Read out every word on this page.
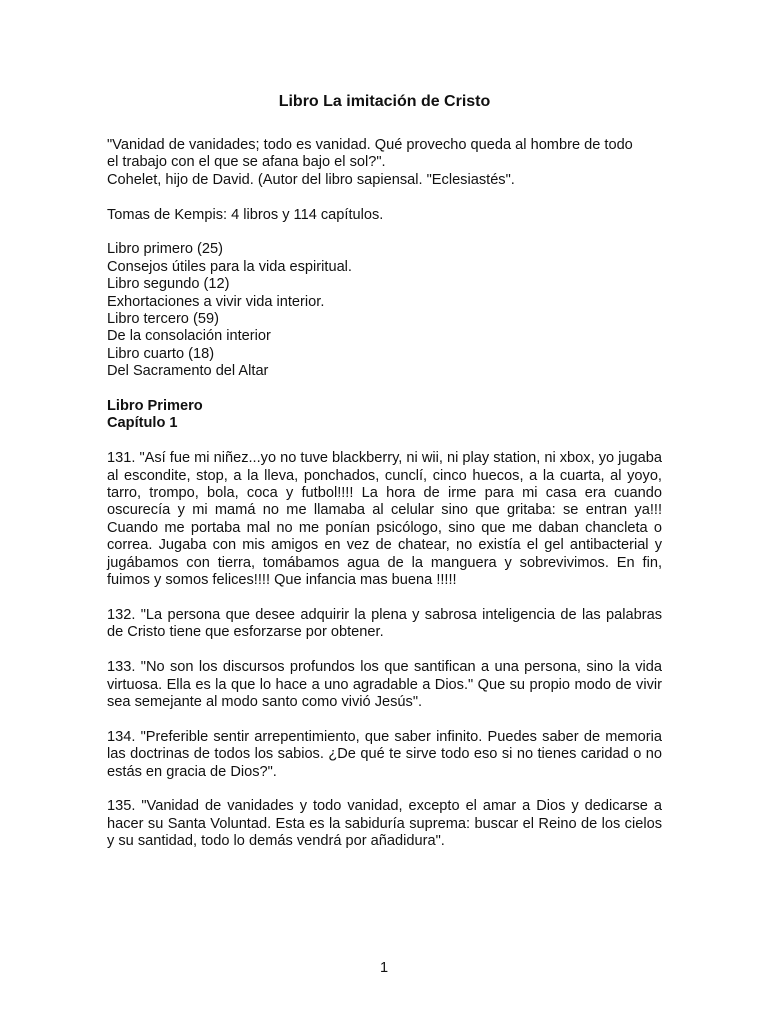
Libro La imitación de Cristo
"Vanidad de vanidades; todo es vanidad. Qué provecho queda al hombre de todo
el trabajo con el que se afana bajo el sol?".
Cohelet, hijo de David. (Autor del libro sapiensal. "Eclesiastés".
Tomas de Kempis: 4 libros y 114 capítulos.
Libro primero (25)
Consejos útiles para la vida espiritual.
Libro segundo (12)
Exhortaciones a vivir vida interior.
Libro tercero (59)
De la consolación interior
Libro cuarto (18)
Del Sacramento del Altar
Libro Primero
Capítulo 1
131. "Así fue mi niñez...yo no tuve blackberry, ni wii, ni play station, ni xbox, yo jugaba al escondite, stop, a la lleva, ponchados, cunclí, cinco huecos, a la cuarta, al yoyo, tarro, trompo, bola, coca y futbol!!!! La hora de irme para mi casa era cuando oscurecía y mi mamá no me llamaba al celular sino que gritaba: se entran ya!!! Cuando me portaba mal no me ponían psicólogo, sino que me daban chancleta o correa. Jugaba con mis amigos en vez de chatear, no existía el gel antibacterial y jugábamos con tierra, tomábamos agua de la manguera y sobrevivimos. En fin, fuimos y somos felices!!!! Que infancia mas buena !!!!!
132. "La persona que desee adquirir la plena y sabrosa inteligencia de las palabras de Cristo tiene que esforzarse por obtener.
133. "No son los discursos profundos los que santifican a una persona, sino la vida virtuosa. Ella es la que lo hace a uno agradable a Dios." Que su propio modo de vivir sea semejante al modo santo como vivió Jesús".
134. "Preferible sentir arrepentimiento, que saber infinito. Puedes saber de memoria las doctrinas de todos los sabios. ¿De qué te sirve todo eso si no tienes caridad o no estás en gracia de Dios?".
135. "Vanidad de vanidades y todo vanidad, excepto el amar a Dios y dedicarse a hacer su Santa Voluntad. Esta es la sabiduría suprema: buscar el Reino de los cielos y su santidad, todo lo demás vendrá por añadidura".
1
